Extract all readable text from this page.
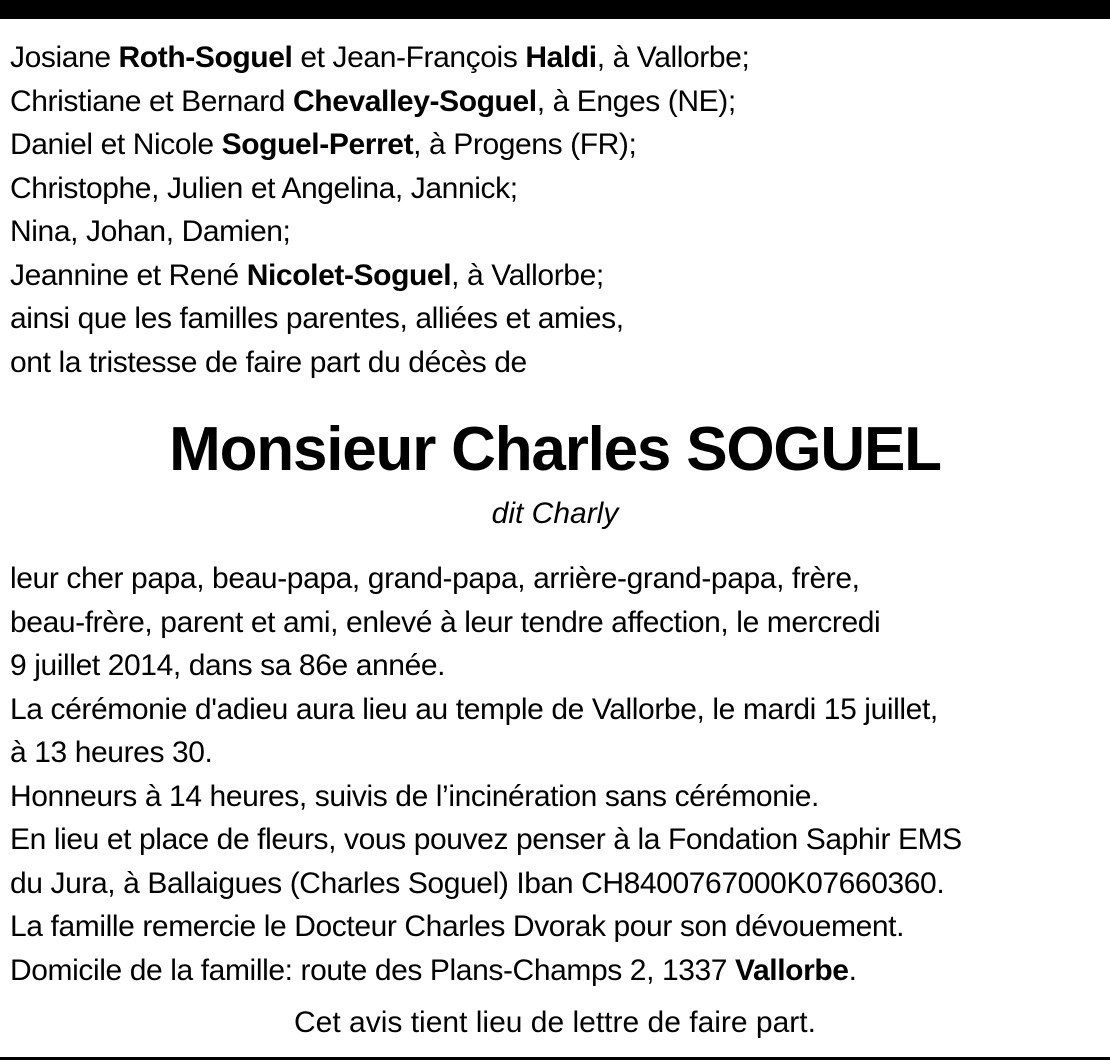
Josiane Roth-Soguel et Jean-François Haldi, à Vallorbe;
Christiane et Bernard Chevalley-Soguel, à Enges (NE);
Daniel et Nicole Soguel-Perret, à Progens (FR);
Christophe, Julien et Angelina, Jannick;
Nina, Johan, Damien;
Jeannine et René Nicolet-Soguel, à Vallorbe;
ainsi que les familles parentes, alliées et amies,
ont la tristesse de faire part du décès de
Monsieur Charles SOGUEL
dit Charly
leur cher papa, beau-papa, grand-papa, arrière-grand-papa, frère,
beau-frère, parent et ami, enlevé à leur tendre affection, le mercredi
9 juillet 2014, dans sa 86e année.
La cérémonie d'adieu aura lieu au temple de Vallorbe, le mardi 15 juillet,
à 13 heures 30.
Honneurs à 14 heures, suivis de l’incinération sans cérémonie.
En lieu et place de fleurs, vous pouvez penser à la Fondation Saphir EMS
du Jura, à Ballaigues (Charles Soguel) Iban CH8400767000K07660360.
La famille remercie le Docteur Charles Dvorak pour son dévouement.
Domicile de la famille: route des Plans-Champs 2, 1337 Vallorbe.
Cet avis tient lieu de lettre de faire part.
